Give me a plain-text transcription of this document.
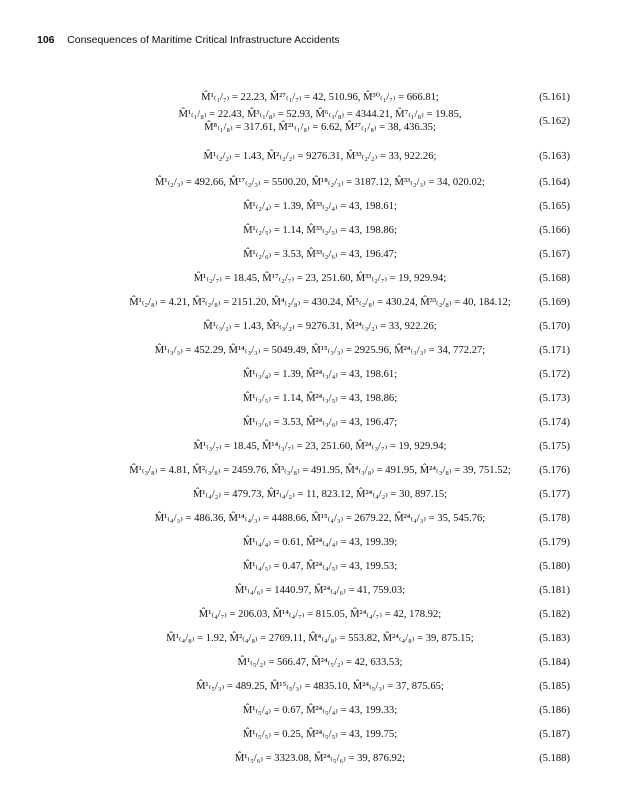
106 Consequences of Maritime Critical Infrastructure Accidents
M̂¹₍₁/₇₎ = 22.23, M̂²⁷₍₁/₇₎ = 42, 510.96, M̂³⁰₍₁/₇₎ = 666.81;	(5.161)
M̂¹₍₁/₈₎ = 22.43, M̂³₍₁/₈₎ = 52.93, M̂⁶₍₁/₈₎ = 4344.21, M̂⁷₍₁/₈₎ = 19.85,
M̂⁸₍₁/₈₎ = 317.61, M̂²¹₍₁/₈₎ = 6.62, M̂²⁷₍₁/₈₎ = 38, 436.35;
(5.162)
M̂¹₍₂/₂₎ = 1.43, M̂²₍₂/₂₎ = 9276.31, M̂³³₍₂/₂₎ = 33, 922.26;	(5.163)
M̂¹₍₂/₃₎ = 492.66, M̂¹⁷₍₂/₃₎ = 5500.20, M̂¹⁸₍₂/₃₎ = 3187.12, M̂³³₍₂/₃₎ = 34, 020.02;	(5.164)
M̂¹₍₂/₄₎ = 1.39, M̂³³₍₂/₄₎ = 43, 198.61;	(5.165)
M̂¹₍₂/₅₎ = 1.14, M̂³³₍₂/₅₎ = 43, 198.86;	(5.166)
M̂¹₍₂/₆₎ = 3.53, M̂³³₍₂/₆₎ = 43, 196.47;	(5.167)
M̂¹₍₂/₇₎ = 18.45, M̂¹⁷₍₂/₇₎ = 23, 251.60, M̂³³₍₂/₇₎ = 19, 929.94;	(5.168)
M̂¹₍₂/₈₎ = 4.21, M̂²₍₂/₈₎ = 2151.20, M̂⁴₍₂/₈₎ = 430.24, M̂⁵₍₂/₈₎ = 430.24, M̂³³₍₂/₈₎ = 40, 184.12;	(5.169)
M̂¹₍₃/₂₎ = 1.43, M̂²₍₃/₂₎ = 9276.31, M̂²⁴₍₃/₂₎ = 33, 922.26;	(5.170)
M̂¹₍₃/₃₎ = 452.29, M̂¹⁴₍₃/₃₎ = 5049.49, M̂¹⁵₍₃/₃₎ = 2925.96, M̂²⁴₍₃/₃₎ = 34, 772.27;	(5.171)
M̂¹₍₃/₄₎ = 1.39, M̂²⁴₍₃/₄₎ = 43, 198.61;	(5.172)
M̂¹₍₃/₅₎ = 1.14, M̂²⁴₍₃/₅₎ = 43, 198.86;	(5.173)
M̂¹₍₃/₆₎ = 3.53, M̂²⁴₍₃/₆₎ = 43, 196.47;	(5.174)
M̂¹₍₃/₇₎ = 18.45, M̂¹⁴₍₃/₇₎ = 23, 251.60, M̂²⁴₍₃/₇₎ = 19, 929.94;	(5.175)
M̂¹₍₃/₈₎ = 4.81, M̂²₍₃/₈₎ = 2459.76, M̂³₍₃/₈₎ = 491.95, M̂⁴₍₃/₈₎ = 491.95, M̂²⁴₍₃/₈₎ = 39, 751.52;	(5.176)
M̂¹₍₄/₂₎ = 479.73, M̂²₍₄/₂₎ = 11, 823.12, M̂²⁴₍₄/₂₎ = 30, 897.15;	(5.177)
M̂¹₍₄/₃₎ = 486.36, M̂¹⁴₍₄/₃₎ = 4488.66, M̂¹⁵₍₄/₃₎ = 2679.22, M̂²⁴₍₄/₃₎ = 35, 545.76;	(5.178)
M̂¹₍₄/₄₎ = 0.61, M̂²⁴₍₄/₄₎ = 43, 199.39;	(5.179)
M̂¹₍₄/₅₎ = 0.47, M̂²⁴₍₄/₅₎ = 43, 199.53;	(5.180)
M̂¹₍₄/₆₎ = 1440.97, M̂²⁴₍₄/₆₎ = 41, 759.03;	(5.181)
M̂¹₍₄/₇₎ = 206.03, M̂¹⁴₍₄/₇₎ = 815.05, M̂²⁴₍₄/₇₎ = 42, 178.92;	(5.182)
M̂¹₍₄/₈₎ = 1.92, M̂²₍₄/₈₎ = 2769.11, M̂⁴₍₄/₈₎ = 553.82, M̂²⁴₍₄/₈₎ = 39, 875.15;	(5.183)
M̂¹₍₅/₂₎ = 566.47, M̂²⁴₍₅/₂₎ = 42, 633.53;	(5.184)
M̂¹₍₅/₃₎ = 489.25, M̂¹⁵₍₅/₃₎ = 4835.10, M̂²⁴₍₅/₃₎ = 37, 875.65;	(5.185)
M̂¹₍₅/₄₎ = 0.67, M̂²⁴₍₅/₄₎ = 43, 199.33;	(5.186)
M̂¹₍₅/₅₎ = 0.25, M̂²⁴₍₅/₅₎ = 43, 199.75;	(5.187)
M̂¹₍₅/₆₎ = 3323.08, M̂²⁴₍₅/₆₎ = 39, 876.92;	(5.188)
